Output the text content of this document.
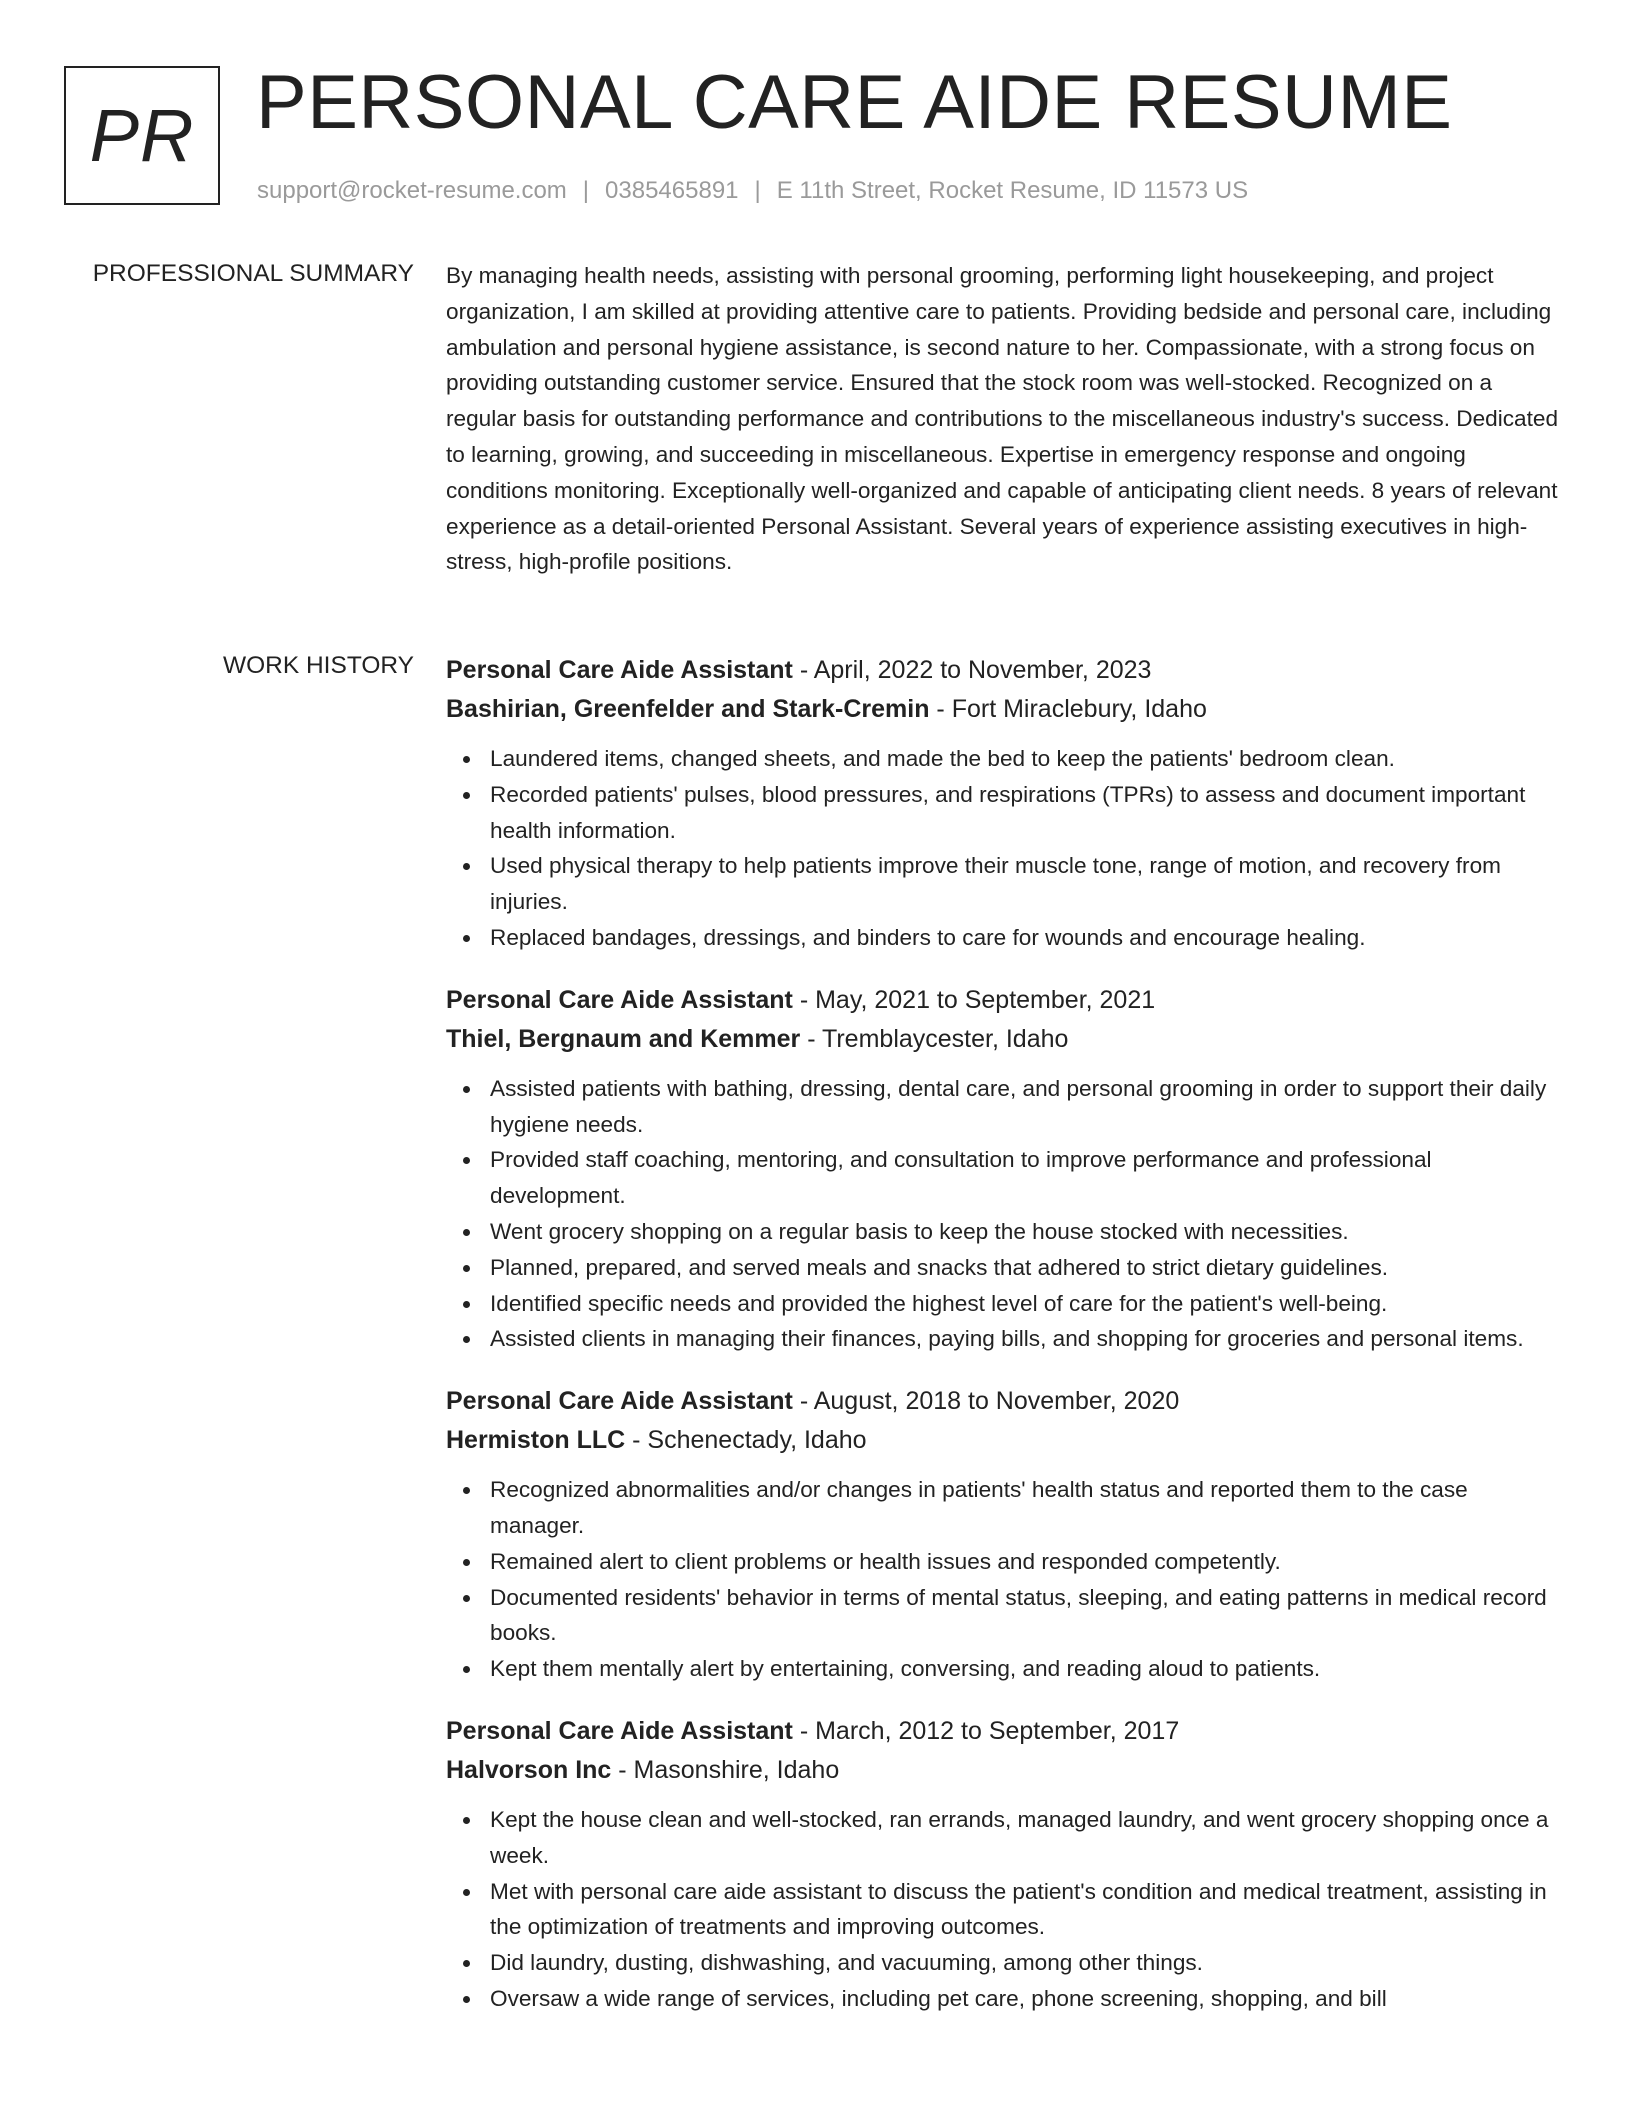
PR PERSONAL CARE AIDE RESUME
support@rocket-resume.com | 0385465891 | E 11th Street, Rocket Resume, ID 11573 US
PROFESSIONAL SUMMARY By managing health needs, assisting with personal grooming, performing light housekeeping, and project organization, I am skilled at providing attentive care to patients. Providing bedside and personal care, including ambulation and personal hygiene assistance, is second nature to her. Compassionate, with a strong focus on providing outstanding customer service. Ensured that the stock room was well-stocked. Recognized on a regular basis for outstanding performance and contributions to the miscellaneous industry's success. Dedicated to learning, growing, and succeeding in miscellaneous. Expertise in emergency response and ongoing conditions monitoring. Exceptionally well-organized and capable of anticipating client needs. 8 years of relevant experience as a detail-oriented Personal Assistant. Several years of experience assisting executives in high-stress, high-profile positions.
WORK HISTORY Personal Care Aide Assistant - April, 2022 to November, 2023
Bashirian, Greenfelder and Stark-Cremin - Fort Miraclebury, Idaho
Laundered items, changed sheets, and made the bed to keep the patients' bedroom clean.
Recorded patients' pulses, blood pressures, and respirations (TPRs) to assess and document important health information.
Used physical therapy to help patients improve their muscle tone, range of motion, and recovery from injuries.
Replaced bandages, dressings, and binders to care for wounds and encourage healing.
Personal Care Aide Assistant - May, 2021 to September, 2021
Thiel, Bergnaum and Kemmer - Tremblaycester, Idaho
Assisted patients with bathing, dressing, dental care, and personal grooming in order to support their daily hygiene needs.
Provided staff coaching, mentoring, and consultation to improve performance and professional development.
Went grocery shopping on a regular basis to keep the house stocked with necessities.
Planned, prepared, and served meals and snacks that adhered to strict dietary guidelines.
Identified specific needs and provided the highest level of care for the patient's well-being.
Assisted clients in managing their finances, paying bills, and shopping for groceries and personal items.
Personal Care Aide Assistant - August, 2018 to November, 2020
Hermiston LLC - Schenectady, Idaho
Recognized abnormalities and/or changes in patients' health status and reported them to the case manager.
Remained alert to client problems or health issues and responded competently.
Documented residents' behavior in terms of mental status, sleeping, and eating patterns in medical record books.
Kept them mentally alert by entertaining, conversing, and reading aloud to patients.
Personal Care Aide Assistant - March, 2012 to September, 2017
Halvorson Inc - Masonshire, Idaho
Kept the house clean and well-stocked, ran errands, managed laundry, and went grocery shopping once a week.
Met with personal care aide assistant to discuss the patient's condition and medical treatment, assisting in the optimization of treatments and improving outcomes.
Did laundry, dusting, dishwashing, and vacuuming, among other things.
Oversaw a wide range of services, including pet care, phone screening, shopping, and bill
